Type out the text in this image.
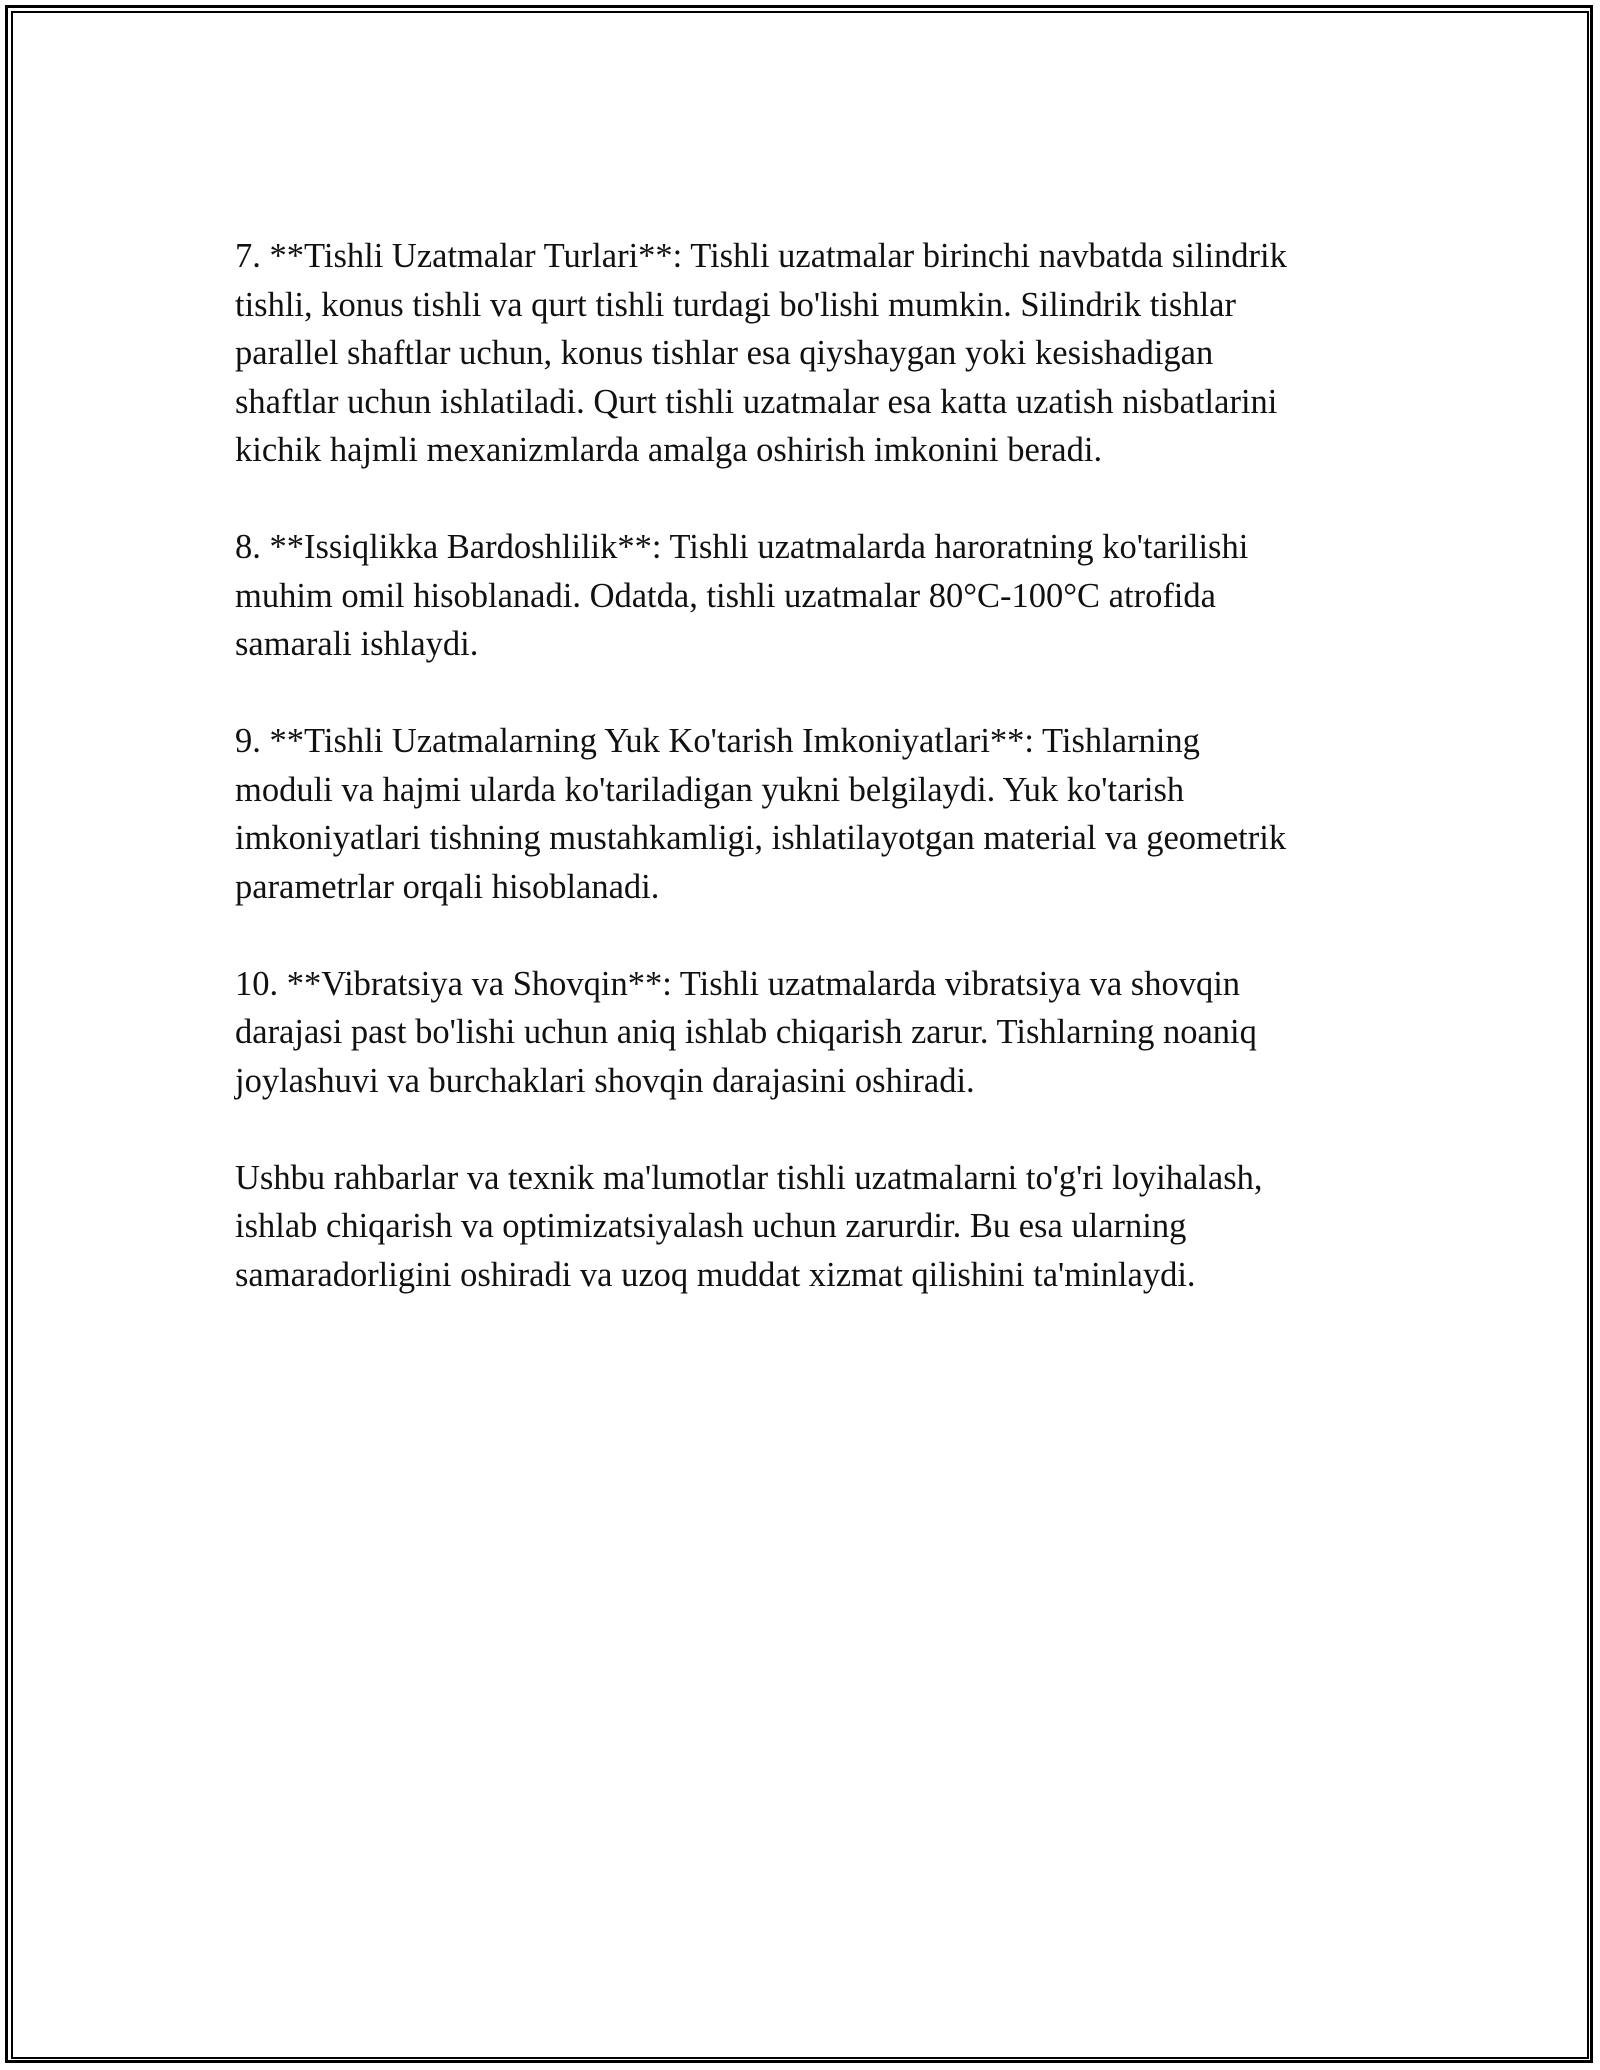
7. **Tishli Uzatmalar Turlari**: Tishli uzatmalar birinchi navbatda silindrik
tishli, konus tishli va qurt tishli turdagi bo'lishi mumkin. Silindrik tishlar
parallel shaftlar uchun, konus tishlar esa qiyshaygan yoki kesishadigan
shaftlar uchun ishlatiladi. Qurt tishli uzatmalar esa katta uzatish nisbatlarini
kichik hajmli mexanizmlarda amalga oshirish imkonini beradi.

8. **Issiqlikka Bardoshlilik**: Tishli uzatmalarda haroratning ko'tarilishi
muhim omil hisoblanadi. Odatda, tishli uzatmalar 80°C-100°C atrofida
samarali ishlaydi.

9. **Tishli Uzatmalarning Yuk Ko'tarish Imkoniyatlari**: Tishlarning
moduli va hajmi ularda ko'tariladigan yukni belgilaydi. Yuk ko'tarish
imkoniyatlari tishning mustahkamligi, ishlatilayotgan material va geometrik
parametrlar orqali hisoblanadi.

10. **Vibratsiya va Shovqin**: Tishli uzatmalarda vibratsiya va shovqin
darajasi past bo'lishi uchun aniq ishlab chiqarish zarur. Tishlarning noaniq
joylashuvi va burchaklari shovqin darajasini oshiradi.

Ushbu rahbarlar va texnik ma'lumotlar tishli uzatmalarni to'g'ri loyihalash,
ishlab chiqarish va optimizatsiyalash uchun zarurdir. Bu esa ularning
samaradorligini oshiradi va uzoq muddat xizmat qilishini ta'minlaydi.
